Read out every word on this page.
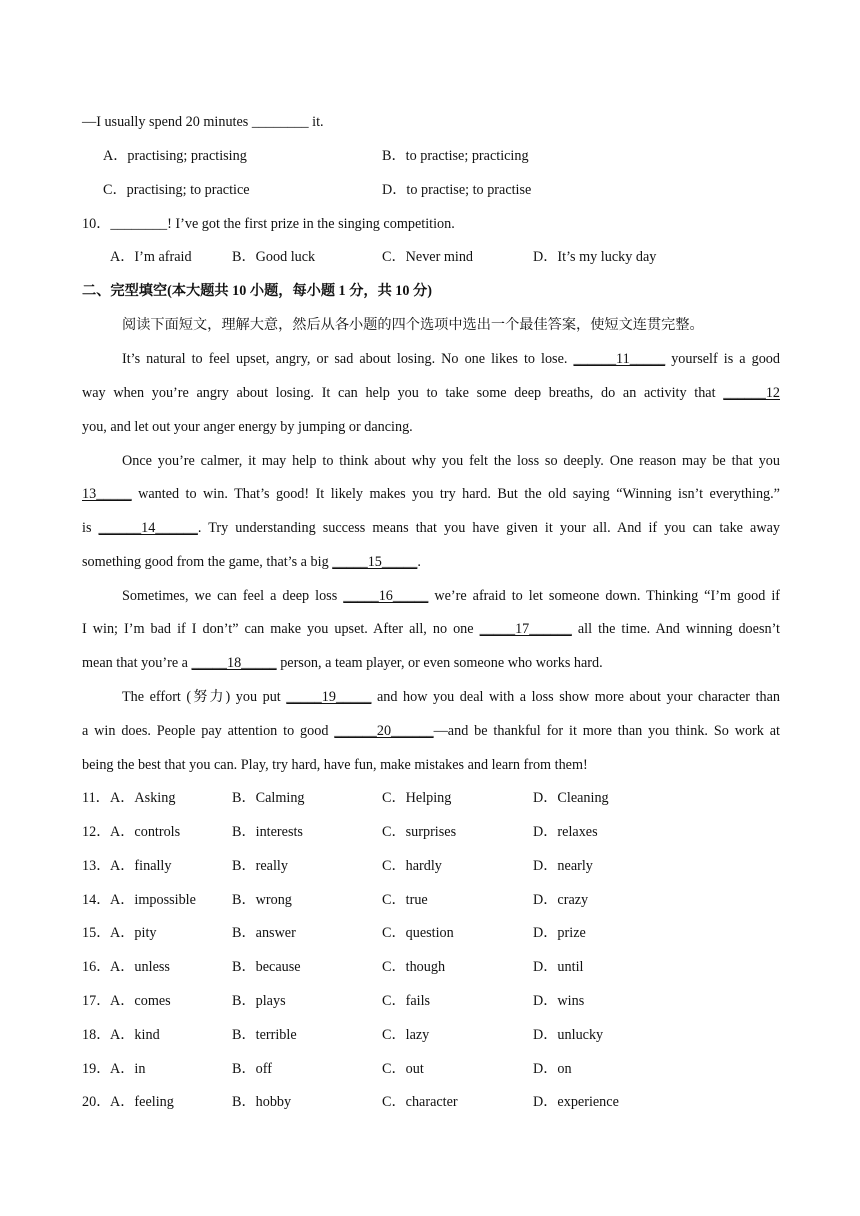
—I usually spend 20 minutes ________ it.
A．practising; practising	B．to practise; practicing
C．practising; to practice	D．to practise; to practise
10．________! I’ve got the first prize in the singing competition.
A．I’m afraid	B．Good luck	C．Never mind	D．It’s my lucky day
二、完型填空(本大题共 10 小题，每小题 1 分，共 10 分)
阅读下面短文，理解大意，然后从各小题的四个选项中选出一个最佳答案，使短文连贯完整。
It’s natural to feel upset, angry, or sad about losing. No one likes to lose. ______11_____ yourself is a good
way when you’re angry about losing. It can help you to take some deep breaths, do an activity that ______12
you, and let out your anger energy by jumping or dancing.
Once you’re calmer, it may help to think about why you felt the loss so deeply. One reason may be that you
13_____ wanted to win. That’s good! It likely makes you try hard. But the old saying “Winning isn’t everything.”
is ______14______. Try understanding success means that you have given it your all. And if you can take away
something good from the game, that’s a big _____15_____.
Sometimes, we can feel a deep loss _____16_____ we’re afraid to let someone down. Thinking “I’m good if
I win; I’m bad if I don’t” can make you upset. After all, no one _____17______ all the time. And winning doesn’t
mean that you’re a _____18_____ person, a team player, or even someone who works hard.
The effort (努力) you put _____19_____ and how you deal with a loss show more about your character than
a win does. People pay attention to good ______20______—and be thankful for it more than you think. So work at
being the best that you can. Play, try hard, have fun, make mistakes and learn from them!
11． A．Asking	B．Calming	C．Helping	D．Cleaning
12． A．controls	B．interests	C．surprises	D．relaxes
13． A．finally	B．really	C．hardly	D．nearly
14． A．impossible	B．wrong	C．true	D．crazy
15． A．pity	B．answer	C．question	D．prize
16． A．unless	B．because	C．though	D．until
17． A．comes	B．plays	C．fails	D．wins
18． A．kind	B．terrible	C．lazy	D．unlucky
19． A．in	B．off	C．out	D．on
20． A．feeling	B．hobby	C．character	D．experience
